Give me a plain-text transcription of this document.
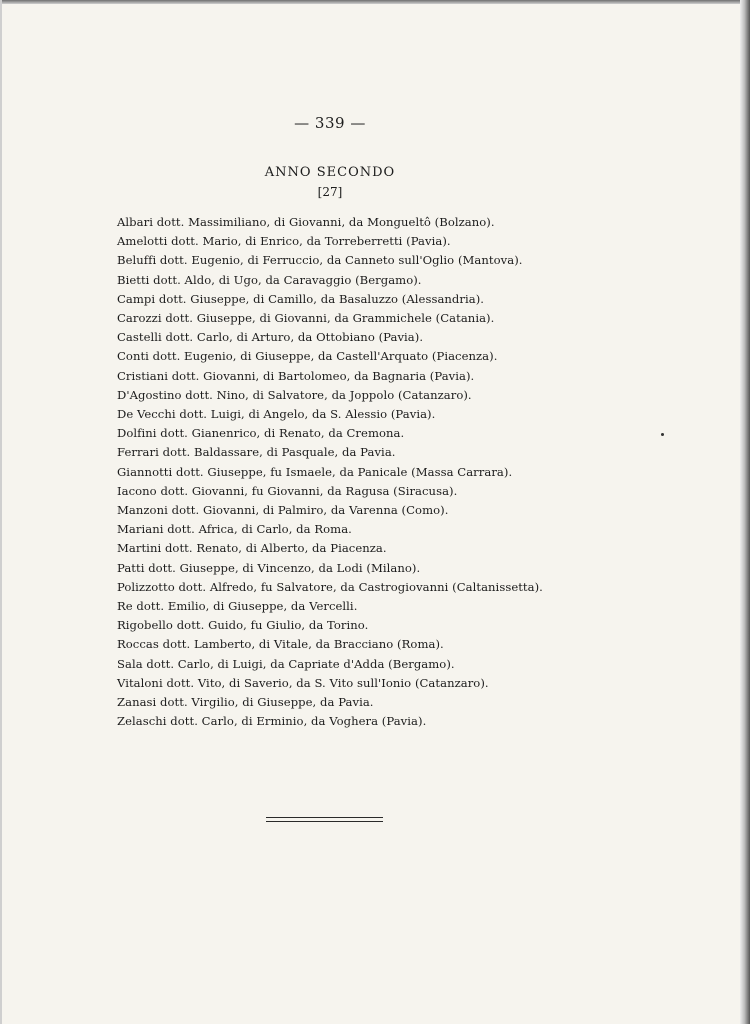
— 339 —
ANNO SECONDO
[27]
Albari dott. Massimiliano, di Giovanni, da Mongueltô (Bolzano).
Amelotti dott. Mario, di Enrico, da Torreberretti (Pavia).
Beluffi dott. Eugenio, di Ferruccio, da Canneto sull'Oglio (Mantova).
Bietti dott. Aldo, di Ugo, da Caravaggio (Bergamo).
Campi dott. Giuseppe, di Camillo, da Basaluzzo (Alessandria).
Carozzi dott. Giuseppe, di Giovanni, da Grammichele (Catania).
Castelli dott. Carlo, di Arturo, da Ottobiano (Pavia).
Conti dott. Eugenio, di Giuseppe, da Castell'Arquato (Piacenza).
Cristiani dott. Giovanni, di Bartolomeo, da Bagnaria (Pavia).
D'Agostino dott. Nino, di Salvatore, da Joppolo (Catanzaro).
De Vecchi dott. Luigi, di Angelo, da S. Alessio (Pavia).
Dolfini dott. Gianenrico, di Renato, da Cremona.
Ferrari dott. Baldassare, di Pasquale, da Pavia.
Giannotti dott. Giuseppe, fu Ismaele, da Panicale (Massa Carrara).
Iacono dott. Giovanni, fu Giovanni, da Ragusa (Siracusa).
Manzoni dott. Giovanni, di Palmiro, da Varenna (Como).
Mariani dott. Africa, di Carlo, da Roma.
Martini dott. Renato, di Alberto, da Piacenza.
Patti dott. Giuseppe, di Vincenzo, da Lodi (Milano).
Polizzotto dott. Alfredo, fu Salvatore, da Castrogiovanni (Caltanissetta).
Re dott. Emilio, di Giuseppe, da Vercelli.
Rigobello dott. Guido, fu Giulio, da Torino.
Roccas dott. Lamberto, di Vitale, da Bracciano (Roma).
Sala dott. Carlo, di Luigi, da Capriate d'Adda (Bergamo).
Vitaloni dott. Vito, di Saverio, da S. Vito sull'Ionio (Catanzaro).
Zanasi dott. Virgilio, di Giuseppe, da Pavia.
Zelaschi dott. Carlo, di Erminio, da Voghera (Pavia).
